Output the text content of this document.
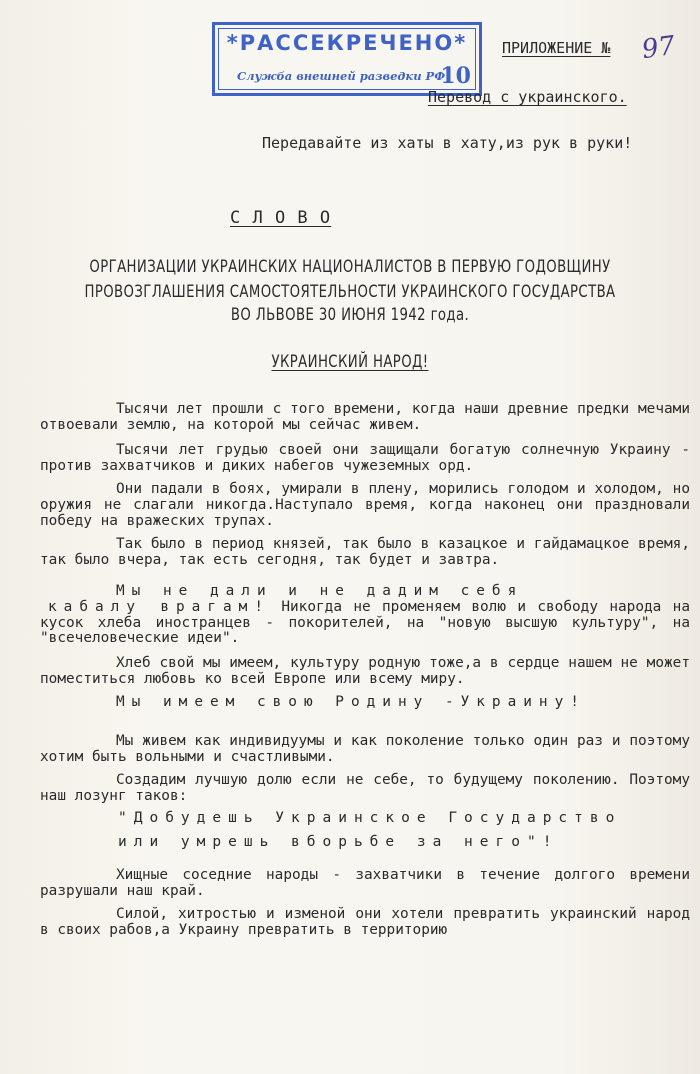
*РАССЕКРЕЧЕНО*
Служба внешней разведки РФ
10
ПРИЛОЖЕНИЕ № 97
Перевод с украинского.
Передавайте из хаты в хату,из рук в руки!
С Л О В О
ОРГАНИЗАЦИИ УКРАИНСКИХ НАЦИОНАЛИСТОВ В ПЕРВУЮ ГОДОВЩИНУ
ПРОВОЗГЛАШЕНИЯ САМОСТОЯТЕЛЬНОСТИ УКРАИНСКОГО ГОСУДАРСТВА
ВО ЛЬВОВЕ 30 ИЮНЯ 1942 года.
УКРАИНСКИЙ НАРОД!
Тысячи лет прошли с того времени, когда наши древние предки мечами отвоевали землю, на которой мы сейчас живем.
Тысячи лет грудью своей они защищали богатую солнечную Украину - против захватчиков и диких набегов чужеземных орд.
Они падали в боях, умирали в плену, морились голодом и холодом, но оружия не слагали никогда.Наступало время, когда наконец они праздновали победу на вражеских трупах.
Так было в период князей, так было в казацкое и гайдамацкое время, так было вчера, так есть сегодня, так будет и завтра.
Мы не дали и не дадим себя
кабалу врагам! Никогда не променяем волю и свободу народа на кусок хлеба иностранцев - покорителей, на "новую высшую культуру", на "всечеловеческие идеи".
Хлеб свой мы имеем, культуру родную тоже,а в сердце нашем не может поместиться любовь ко всей Европе или всему миру.
Мы имеем свою Родину -Украину!
Мы живем как индивидуумы и как поколение только один раз и поэтому хотим быть вольными и счастливыми.
Создадим лучшую долю если не себе, то будущему поколению. Поэтому наш лозунг таков:
"Добудешь Украинское Государство
или умрешь вборьбе за него"!
Хищные соседние народы - захватчики в течение долгого времени разрушали наш край.
Силой, хитростью и изменой они хотели превратить украинский народ в своих рабов,а Украину превратить в территорию
